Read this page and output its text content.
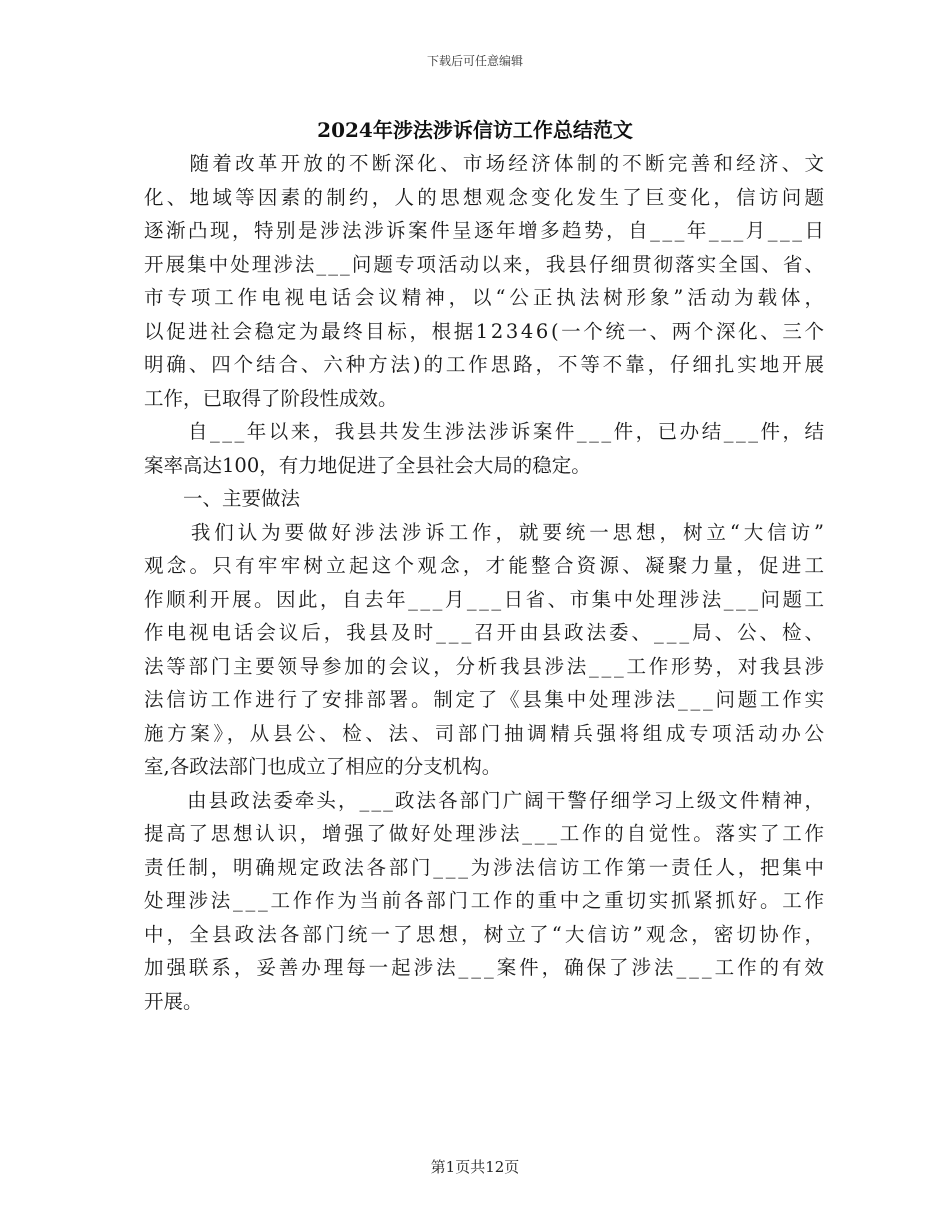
下载后可任意编辑
2024年涉法涉诉信访工作总结范文
　　随着改革开放的不断深化、市场经济体制的不断完善和经济、文
化、地域等因素的制约，人的思想观念变化发生了巨变化，信访问题
逐渐凸现，特别是涉法涉诉案件呈逐年增多趋势，自___年___月___日
开展集中处理涉法___问题专项活动以来，我县仔细贯彻落实全国、省、
市专项工作电视电话会议精神，以“公正执法树形象”活动为载体，
以促进社会稳定为最终目标，根据12346(一个统一、两个深化、三个
明确、四个结合、六种方法)的工作思路，不等不靠，仔细扎实地开展
工作，已取得了阶段性成效。
　　自___年以来，我县共发生涉法涉诉案件___件，已办结___件，结
案率高达100，有力地促进了全县社会大局的稳定。
　　一、主要做法
　　我们认为要做好涉法涉诉工作，就要统一思想，树立“大信访”
观念。只有牢牢树立起这个观念，才能整合资源、凝聚力量，促进工
作顺利开展。因此，自去年___月___日省、市集中处理涉法___问题工
作电视电话会议后，我县及时___召开由县政法委、___局、公、检、
法等部门主要领导参加的会议，分析我县涉法___工作形势，对我县涉
法信访工作进行了安排部署。制定了《县集中处理涉法___问题工作实
施方案》，从县公、检、法、司部门抽调精兵强将组成专项活动办公
室,各政法部门也成立了相应的分支机构。
　　由县政法委牵头，___政法各部门广阔干警仔细学习上级文件精神，
提高了思想认识，增强了做好处理涉法___工作的自觉性。落实了工作
责任制，明确规定政法各部门___为涉法信访工作第一责任人，把集中
处理涉法___工作作为当前各部门工作的重中之重切实抓紧抓好。工作
中，全县政法各部门统一了思想，树立了“大信访”观念，密切协作，
加强联系，妥善办理每一起涉法___案件，确保了涉法___工作的有效
开展。
第1页共12页
